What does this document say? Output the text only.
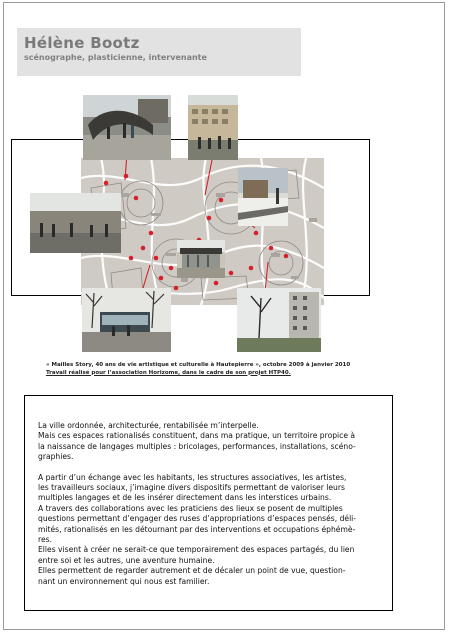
Hélène Bootz
scénographe, plasticienne, intervenante
« Mailles Story, 40 ans de vie artistique et culturelle à Hautepierre », octobre 2009 à janvier 2010
Travail réalisé pour l’association Horizome, dans le cadre de son projet HTP40.

La ville ordonnée, architecturée, rentabilisée m’interpelle.

Mais ces espaces rationalisés constituent, dans ma pratique, un territoire propice à

la naissance de langages multiples : bricolages, performances, installations, scéno-

graphies.

A partir d’un échange avec les habitants, les structures associatives, les artistes,

les travailleurs sociaux, j’imagine divers dispositifs permettant de valoriser leurs

multiples langages et de les insérer directement dans les interstices urbains.

A travers des collaborations avec les praticiens des lieux se posent de multiples

questions permettant d’engager des ruses d’appropriations d’espaces pensés, déli-

mités, rationalisés en les détournant par des interventions et occupations éphémè-

res.

Elles visent à créer ne serait-ce que temporairement des espaces partagés, du lien

entre soi et les autres, une aventure humaine.

Elles permettent de regarder autrement et de décaler un point de vue, question-

nant un environnement qui nous est familier.
